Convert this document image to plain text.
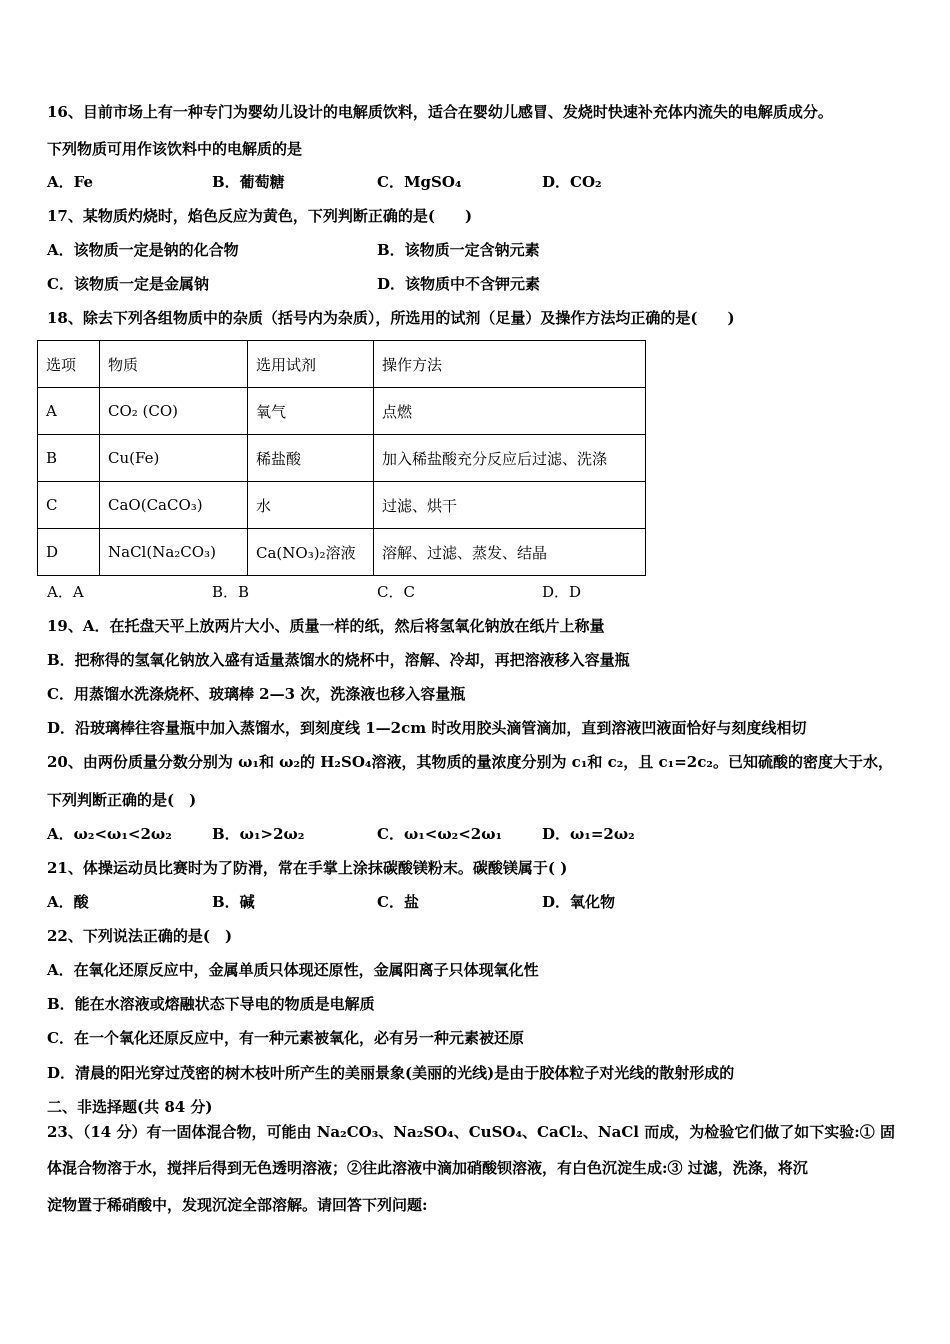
16、目前市场上有一种专门为婴幼儿设计的电解质饮料，适合在婴幼儿感冒、发烧时快速补充体内流失的电解质成分。
下列物质可用作该饮料中的电解质的是
A．Fe	B．葡萄糖	C．MgSO₄	D．CO₂
17、某物质灼烧时，焰色反应为黄色，下列判断正确的是(　　)
A．该物质一定是钠的化合物	B．该物质一定含钠元素
C．该物质一定是金属钠	D．该物质中不含钾元素
18、除去下列各组物质中的杂质（括号内为杂质），所选用的试剂（足量）及操作方法均正确的是(　　)
选项	物质	选用试剂	操作方法
A	CO₂ (CO)	氧气	点燃
B	Cu(Fe)	稀盐酸	加入稀盐酸充分反应后过滤、洗涤
C	CaO(CaCO₃)	水	过滤、烘干
D	NaCl(Na₂CO₃)	Ca(NO₃)₂溶液	溶解、过滤、蒸发、结晶
A．A	B．B	C．C	D．D
19、A．在托盘天平上放两片大小、质量一样的纸，然后将氢氧化钠放在纸片上称量
B．把称得的氢氧化钠放入盛有适量蒸馏水的烧杯中，溶解、冷却，再把溶液移入容量瓶
C．用蒸馏水洗涤烧杯、玻璃棒 2—3 次，洗涤液也移入容量瓶
D．沿玻璃棒往容量瓶中加入蒸馏水，到刻度线 1—2cm 时改用胶头滴管滴加，直到溶液凹液面恰好与刻度线相切
20、由两份质量分数分别为 ω₁和 ω₂的 H₂SO₄溶液，其物质的量浓度分别为 c₁和 c₂，且 c₁=2c₂。已知硫酸的密度大于水，
下列判断正确的是(　)
A．ω₂<ω₁<2ω₂	B．ω₁>2ω₂	C．ω₁<ω₂<2ω₁	D．ω₁=2ω₂
21、体操运动员比赛时为了防滑，常在手掌上涂抹碳酸镁粉末。碳酸镁属于( )
A．酸	B．碱	C．盐	D．氧化物
22、下列说法正确的是(　)
A．在氧化还原反应中，金属单质只体现还原性，金属阳离子只体现氧化性
B．能在水溶液或熔融状态下导电的物质是电解质
C．在一个氧化还原反应中，有一种元素被氧化，必有另一种元素被还原
D．清晨的阳光穿过茂密的树木枝叶所产生的美丽景象(美丽的光线)是由于胶体粒子对光线的散射形成的
二、非选择题(共 84 分)
23、（14 分）有一固体混合物，可能由 Na₂CO₃、Na₂SO₄、CuSO₄、CaCl₂、NaCl 而成，为检验它们做了如下实验:① 固
体混合物溶于水，搅拌后得到无色透明溶液；②往此溶液中滴加硝酸钡溶液，有白色沉淀生成:③ 过滤，洗涤，将沉
淀物置于稀硝酸中，发现沉淀全部溶解。请回答下列问题:
